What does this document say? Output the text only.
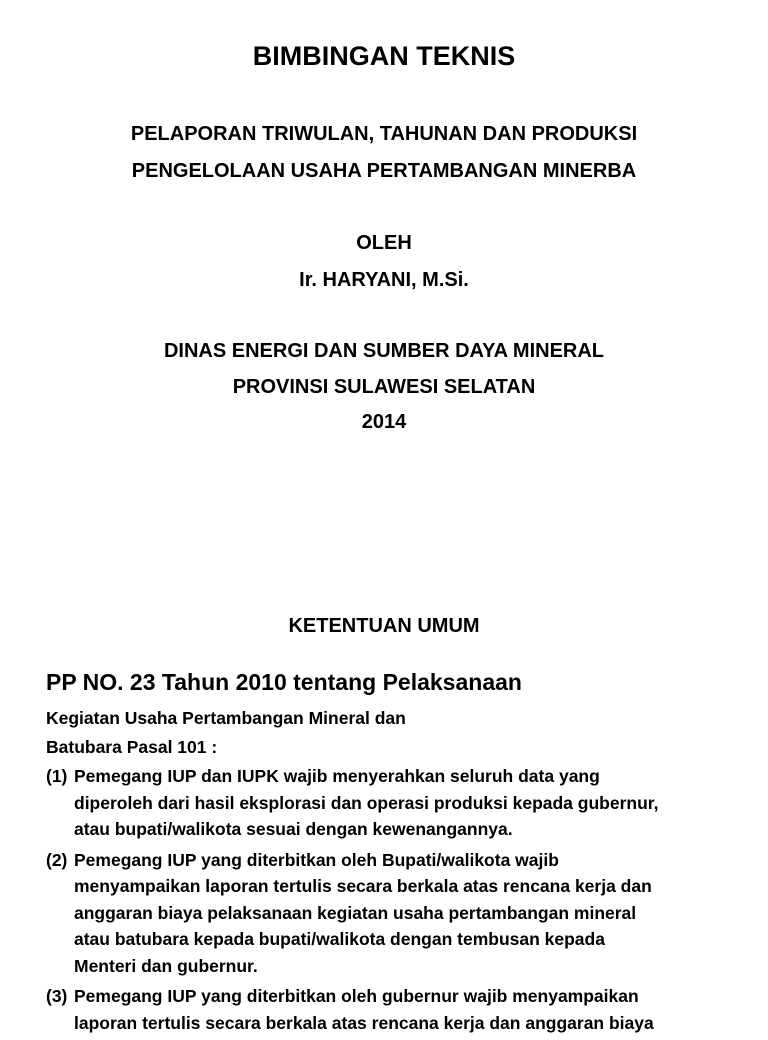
BIMBINGAN TEKNIS
PELAPORAN TRIWULAN, TAHUNAN DAN PRODUKSI
PENGELOLAAN USAHA PERTAMBANGAN MINERBA
OLEH
Ir. HARYANI, M.Si.
DINAS ENERGI DAN SUMBER DAYA MINERAL
PROVINSI SULAWESI SELATAN
2014
KETENTUAN UMUM
PP NO. 23 Tahun 2010 tentang Pelaksanaan
Kegiatan Usaha Pertambangan Mineral dan
Batubara Pasal 101 :
(1) Pemegang IUP dan IUPK wajib menyerahkan seluruh data yang
diperoleh dari hasil eksplorasi dan operasi produksi kepada gubernur,
atau bupati/walikota sesuai dengan kewenangannya.
(2) Pemegang IUP yang diterbitkan oleh Bupati/walikota wajib
menyampaikan laporan tertulis secara berkala atas rencana kerja dan
anggaran biaya pelaksanaan kegiatan usaha pertambangan mineral
atau batubara kepada bupati/walikota dengan tembusan kepada
Menteri dan gubernur.
(3) Pemegang IUP yang diterbitkan oleh gubernur wajib menyampaikan
laporan tertulis secara berkala atas rencana kerja dan anggaran biaya
